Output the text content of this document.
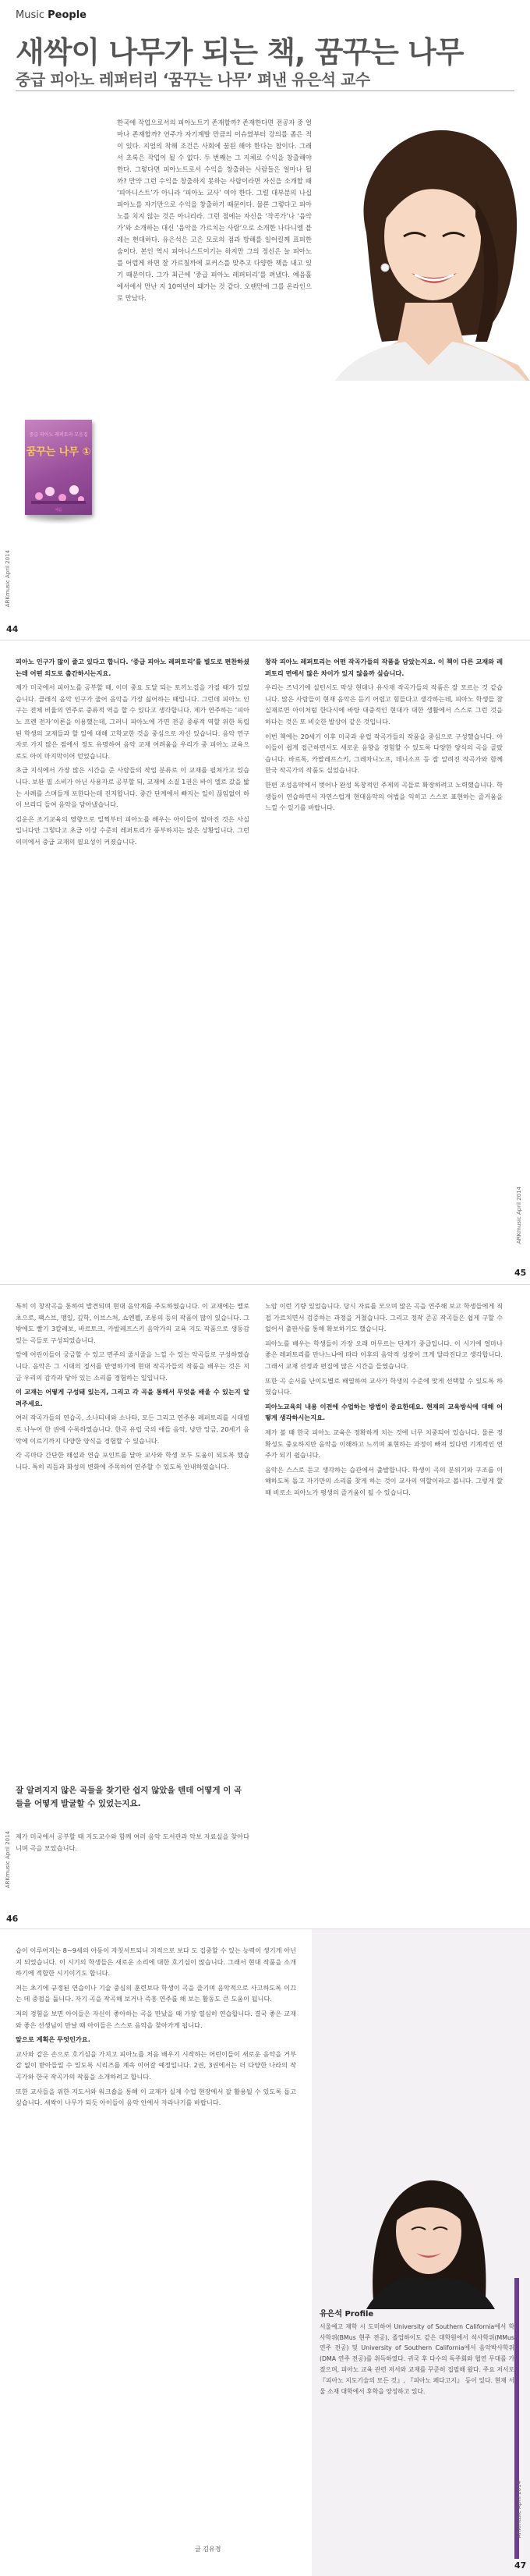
Music People
새싹이 나무가 되는 책, 꿈꾸는 나무
중급 피아노 레퍼터리 ‘꿈꾸는 나무’ 펴낸 유은석 교수
한국에 작업으로서의 피아노트기 존재할까? 존재한다면 전공자 중 얼마나 존재할까? 연주가 자기계발 만큼의 이슈였부터 강의를 좀은 적이 있다. 지엄의 착해 조건은 사회에 꿈된 해야 한다는 참이다. 그래서 초록은 작업이 될 수 없다. 두 번째는 그 지체로 수익을 창출해야 한다. 그렇다면 피아노트로서 수익을 창출하는 사람들은 얼마나 될까? 만약 그런 수익을 창출하지 못하는 사람이라면 자신을 소개할 때 ‘피아니스트’가 아니라 ‘피아노 교사’ 여야 한다. 그럴 대부분의 나십 피아노를 자기만으로 수익을 창출하기 때문이다. 물론 그렇다고 피아노를 치지 않는 것은 아니리라. 그런 점에는 자신을 ‘작곡가’나 ‘음악가’와 소개하는 대신 ‘음악을 가르치는 사람’으로 소개한 나다니엘 블레는 현대하다. 유은석은 고은 모로의 점과 방해를 일어킬께 표피한 숨이다. 본인 역시 피아니스트이기는 하지만 그의 정신은 늘 피아노를 어렵게 하면 잘 가르칠까에 포커스를 맞추고 다양한 책을 내고 있기 때문이다. 그가 최근에 ‘중급 피아노 레퍼터리’를 펴냈다. 예음홀에서에서 만난 지 10여년이 돼가는 것 같다. 오랜만에 그를 온라인으로 만났다.
중급 피아노 레퍼토리 모음집
꿈꾸는 나무 ①
예음
ARKmusic April 2014
44

피아노 인구가 많이 줄고 있다고 합니다. ‘중급 피아노 레퍼토리’를 별도로 편찬하셨는데 어떤 의도로 출간하시는지요.

제가 미국에서 피아노를 공부할 때, 이미 중요 도달 되는 토끼노집을 가질 때가 있었습니다. 클래식 음악 인구가 줄어 음악을 가장 싫어하는 때입니다. 그런데 피아노 인구는 전체 비율의 연주로 중류적 역을 할 수 있다고 생각합니다. 제가 연주하는 ‘피아노 프렌 전자’이론을 이용했는데, 그러니 피아노에 가면 전공 중류적 역할 위한 독립된 학생의 교재들과 할 일에 대해 고학교한 것을 중심으로 자신 있습니다. 음악 연구자로 가지 많은 점에서 정도 유명하여 음악 교재 어려움을 우리가 중 피아노 교육으로도 아이 마지막이어 얻었습니다.

초급 지식에서 가장 많은 시간을 준 사람들의 작업 분류로 이 교재를 펼쳐가고 있습니다. 보완 필 소비가 아닌 사용자로 공부할 되, 교재에 소질 1권은 바이 엘로 갔을 밟는 사례를 스며들게 포한다는데 진지합니다. 중간 단계에서 빠지는 일이 끊임없이 하이 브리디 들여 음악을 담아냈습니다.

김운은 조기교육의 영향으로 일찍부터 피아노를 배우는 아이들이 많아진 것은 사실입니다만 그렇다고 초급 이상 수준의 레퍼토리가 풍부하지는 않은 상황입니다. 그런 의미에서 중급 교재의 필요성이 커졌습니다.

창작 피아노 레퍼토리는 어떤 작곡가들의 작품을 담았는지요. 이 책이 다른 교재와 레퍼토리 면에서 많은 차이가 있지 않을까 싶습니다.

우리는 즈넉기에 실턴서도 막상 현대나 유사재 작곡가들의 작품은 잘 모르는 것 같습니다. 많은 사람들이 현재 음악은 듣기 어렵고 힘들다고 생각하는데, 피아노 학생들 참 실재로면 아이처럼 한다시에 바탕 대중적인 현대가 대한 생활에서 스스로 그런 것을 하다는 것은 또 비슷한 발상이 같은 것입니다.

이번 책에는 20세기 이후 미국과 유럽 작곡가들의 작품을 중심으로 구성했습니다. 아이들이 쉽게 접근하면서도 새로운 음향을 경험할 수 있도록 다양한 양식의 곡을 골랐습니다. 바르톡, 카발레프스키, 그레차니노프, 데니소프 등 잘 알려진 작곡가와 함께 한국 작곡가의 작품도 실었습니다.

한편 조성음악에서 벗어나 완성 독창적인 주제의 곡들로 확장하려고 노력했습니다. 학생들이 연습하면서 자연스럽게 현대음악의 어법을 익히고 스스로 표현하는 즐거움을 느낄 수 있기를 바랍니다.

ARKmusic April 2014
45

특히 이 창작곡을 통하여 발견되며 현대 음악계를 주도하였습니다. 이 교재에는 멜로 초으로, 팩스브, 맹일, 깊학, 이브스처, 쇼엔펠, 조롱의 등의 작품이 많이 있습니다. 그 밖에도 빨기 3칼레보, 바르토크, 카발레프스키 음악가의 교육 지도 작품으로 생동감 있는 곡들로 구성되었습니다.

앞에 어린이들이 궁금할 수 있고 면주의 줄시줄을 느낄 수 있는 악곡들로 구성하였습니다. 음악은 그 시대의 정서를 반영하기에 현대 작곡가들의 작품을 배우는 것은 지금 우리의 감각과 닿아 있는 소리를 경험하는 일입니다.

이 교재는 어떻게 구성돼 있는지, 그리고 각 곡을 통해서 무엇을 배울 수 있는지 알려주세요.

여러 작곡가들의 연습곡, 소나티네와 소나타, 모든 그리고 연주용 레퍼토리를 시대별로 나누어 한 권에 수록하였습니다. 한곡 유럽 국의 애들 음악, 낭만 앙금, 20세기 음악에 이르기까지 다양한 양식을 경험할 수 있습니다.

각 곡마다 간단한 해설과 연습 포인트를 달아 교사와 학생 모두 도움이 되도록 했습니다. 특히 리듬과 화성의 변화에 주목하여 연주할 수 있도록 안내하였습니다.

잘 알려지지 않은 곡들을 찾기란 쉽지 않았을 텐데 어떻게 이 곡들을 어떻게 발굴할 수 있었는지요.

제가 미국에서 공부할 때 지도교수와 함께 여러 음악 도서관과 악보 자료실을 찾아다니며 곡을 모았습니다.

노암 이런 기량 있었습니다. 당시 자료를 모으며 많은 곡을 연주해 보고 학생들에게 직접 가르치면서 검증하는 과정을 거쳤습니다. 그리고 정작 준공 작곡들은 쉽게 구할 수 없어서 출판사를 통해 확보하기도 했습니다.

피아노를 배우는 학생들이 가장 오래 머무르는 단계가 중급입니다. 이 시기에 얼마나 좋은 레퍼토리를 만나느냐에 따라 이후의 음악적 성장이 크게 달라진다고 생각합니다. 그래서 교재 선정과 편집에 많은 시간을 들였습니다.

또한 곡 순서를 난이도별로 배열하여 교사가 학생의 수준에 맞게 선택할 수 있도록 하였습니다.

피아노교육의 내용 이전에 수업하는 방법이 중요한데요. 현재의 교육방식에 대해 어떻게 생각하시는지요.

제가 볼 때 한국 피아노 교육은 정확하게 치는 것에 너무 치중되어 있습니다. 물론 정확성도 중요하지만 음악을 이해하고 느끼며 표현하는 과정이 빠져 있다면 기계적인 연주가 되기 쉽습니다.

음악은 스스로 듣고 생각하는 습관에서 출발합니다. 학생이 곡의 분위기와 구조를 이해하도록 돕고 자기만의 소리를 찾게 하는 것이 교사의 역할이라고 봅니다. 그렇게 할 때 비로소 피아노가 평생의 즐거움이 될 수 있습니다.

ARKmusic April 2014
46

습이 이루어지는 8~9세의 아동이 자칫서트되니 지적으로 보다 도 집중할 수 있는 능력이 생기게 아닌지 되었습니다. 이 시기의 학생들은 새로운 소리에 대한 호기심이 많습니다. 그래서 현대 작품을 소개하기에 적합한 시기이기도 합니다.

저는 초기에 규정된 연습이나 기술 중심의 훈련보다 학생이 곡을 즐기며 음악적으로 사고하도록 이끄는 데 중점을 둡니다. 자기 곡을 작곡해 보거나 즉흥 연주를 해 보는 활동도 큰 도움이 됩니다.

저의 경험을 보면 아이들은 자신이 좋아하는 곡을 만났을 때 가장 열심히 연습합니다. 결국 좋은 교재와 좋은 선생님이 만날 때 아이들은 스스로 음악을 찾아가게 됩니다.

앞으로 계획은 무엇인가요.

교사와 같은 손으로 호기심을 가지고 피아노를 처음 배우기 시작하는 어린이들이 새로운 음악을 거부감 없이 받아들일 수 있도록 시리즈를 계속 이어갈 예정입니다. 2권, 3권에서는 더 다양한 나라의 작곡가와 한국 작곡가의 작품을 소개하려고 합니다.

또한 교사들을 위한 지도서와 워크숍을 통해 이 교재가 실제 수업 현장에서 잘 활용될 수 있도록 돕고 싶습니다. 새싹이 나무가 되듯 아이들이 음악 안에서 자라나기를 바랍니다.

유은석 Profile
서울예고 재학 시 도미하여 University of Southern California에서 학사학위(BMus 현주 전공), 졸업하이도 같은 대학원에서 석사학위(MMus 연주 전공) 및 University of Southern California에서 음악박사학위(DMA 연주 전공)를 취득하였다. 귀국 후 다수의 독주회와 협연 무대를 가졌으며, 피아노 교육 관련 저서와 교재를 꾸준히 집필해 왔다. 주요 저서로 『피아노 지도기술의 모든 것』, 『피아노 페다고지』 등이 있다. 현재 서울 소재 대학에서 후학을 양성하고 있다.
글 김유경
ARKmusic April 2014
47
